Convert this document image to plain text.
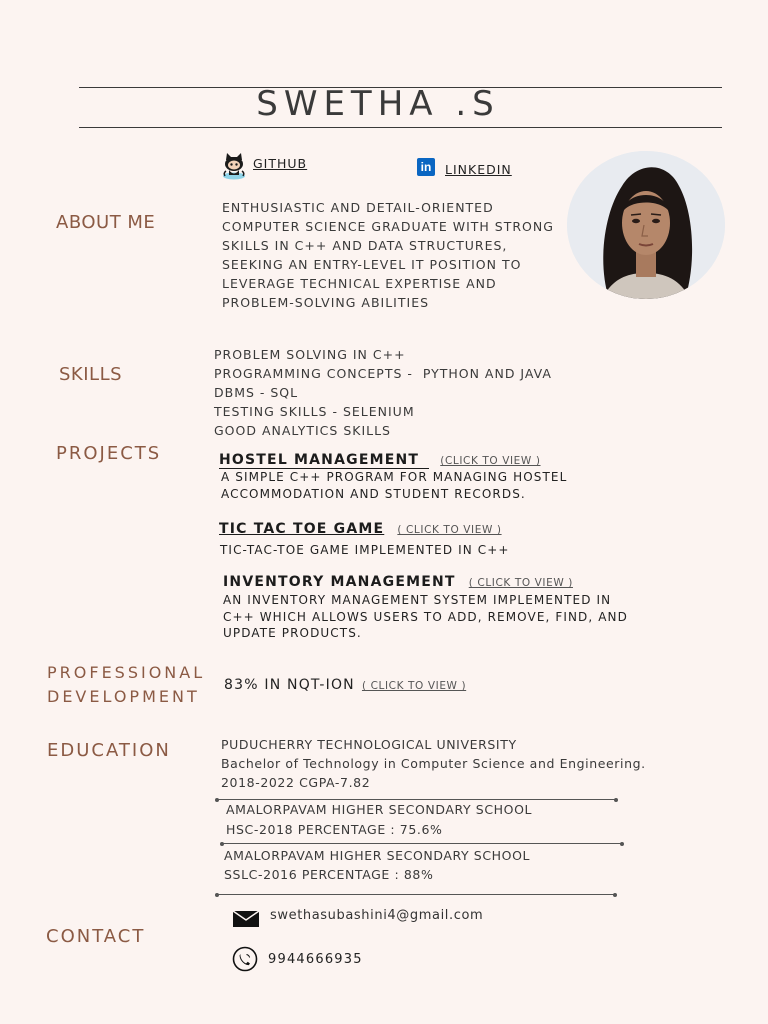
SWETHA .S
GITHUB	in LINKEDIN
ABOUT ME
ENTHUSIASTIC AND DETAIL-ORIENTED
COMPUTER SCIENCE GRADUATE WITH STRONG
SKILLS IN C++ AND DATA STRUCTURES,
SEEKING AN ENTRY-LEVEL IT POSITION TO
LEVERAGE TECHNICAL EXPERTISE AND
PROBLEM-SOLVING ABILITIES
SKILLS
PROBLEM SOLVING IN C++
PROGRAMMING CONCEPTS -  PYTHON AND JAVA
DBMS - SQL
TESTING SKILLS - SELENIUM
GOOD ANALYTICS SKILLS
PROJECTS	HOSTEL MANAGEMENT (CLICK TO VIEW )
A SIMPLE C++ PROGRAM FOR MANAGING HOSTEL
ACCOMMODATION AND STUDENT RECORDS.
TIC TAC TOE GAME ( CLICK TO VIEW )
TIC-TAC-TOE GAME IMPLEMENTED IN C++
INVENTORY MANAGEMENT ( CLICK TO VIEW )
AN INVENTORY MANAGEMENT SYSTEM IMPLEMENTED IN
C++ WHICH ALLOWS USERS TO ADD, REMOVE, FIND, AND
UPDATE PRODUCTS.
PROFESSIONAL
DEVELOPMENT
83% IN NQT-ION ( CLICK TO VIEW )
EDUCATION	PUDUCHERRY TECHNOLOGICAL UNIVERSITY
Bachelor of Technology in Computer Science and Engineering.
2018-2022 CGPA-7.82
AMALORPAVAM HIGHER SECONDARY SCHOOL
HSC-2018 PERCENTAGE : 75.6%
AMALORPAVAM HIGHER SECONDARY SCHOOL
SSLC-2016 PERCENTAGE : 88%
CONTACT
swethasubashini4@gmail.com
9944666935
